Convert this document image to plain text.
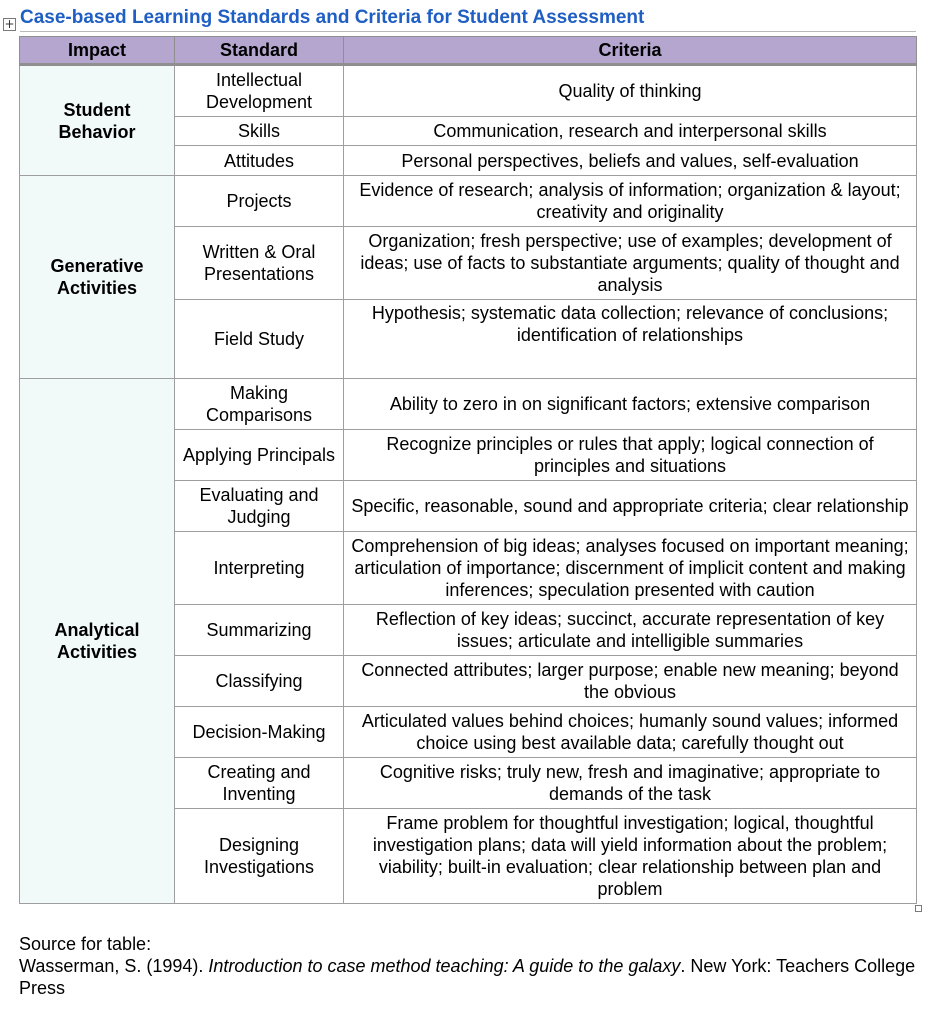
+ Case-based Learning Standards and Criteria for Student Assessment
Impact	Standard	Criteria
Student Behavior	Intellectual Development	Quality of thinking
	Skills	Communication, research and interpersonal skills
	Attitudes	Personal perspectives, beliefs and values, self-evaluation
Generative Activities	Projects	Evidence of research; analysis of information; organization & layout; creativity and originality
	Written & Oral Presentations	Organization; fresh perspective; use of examples; development of ideas; use of facts to substantiate arguments; quality of thought and analysis
	Field Study	Hypothesis; systematic data collection; relevance of conclusions; identification of relationships
Analytical Activities	Making Comparisons	Ability to zero in on significant factors; extensive comparison
	Applying Principals	Recognize principles or rules that apply; logical connection of principles and situations
	Evaluating and Judging	Specific, reasonable, sound and appropriate criteria; clear relationship
	Interpreting	Comprehension of big ideas; analyses focused on important meaning; articulation of importance; discernment of implicit content and making inferences; speculation presented with caution
	Summarizing	Reflection of key ideas; succinct, accurate representation of key issues; articulate and intelligible summaries
	Classifying	Connected attributes; larger purpose; enable new meaning; beyond the obvious
	Decision-Making	Articulated values behind choices; humanly sound values; informed choice using best available data; carefully thought out
	Creating and Inventing	Cognitive risks; truly new, fresh and imaginative; appropriate to demands of the task
	Designing Investigations	Frame problem for thoughtful investigation; logical, thoughtful investigation plans; data will yield information about the problem; viability; built-in evaluation; clear relationship between plan and problem

Source for table:

Wasserman, S. (1994). Introduction to case method teaching: A guide to the galaxy. New York: Teachers College Press
